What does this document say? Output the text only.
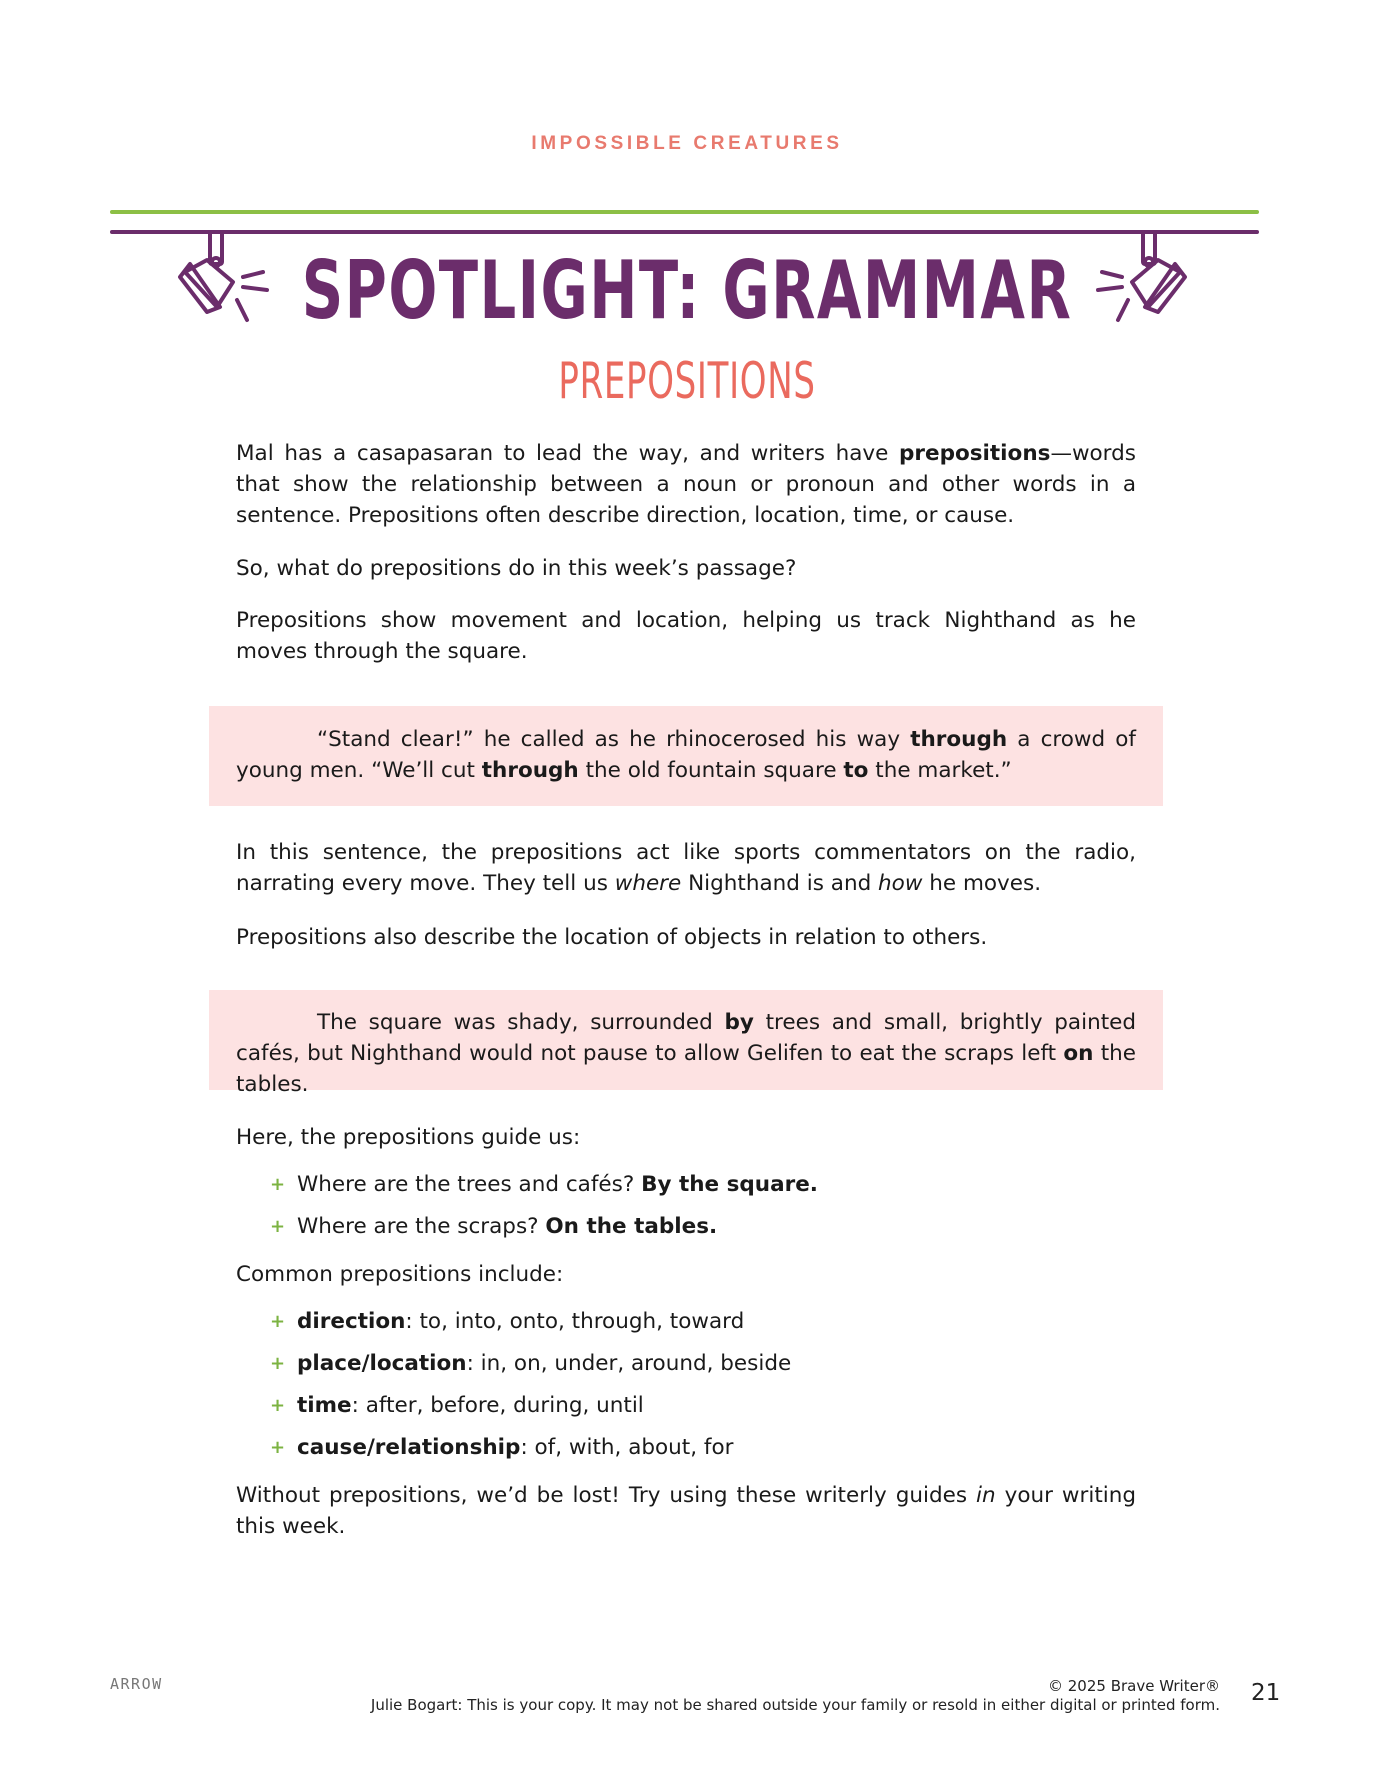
IMPOSSIBLE CREATURES
SPOTLIGHT: GRAMMAR
PREPOSITIONS

Mal has a casapasaran to lead the way, and writers have prepositions—words that show the relationship between a noun or pronoun and other words in a sentence. Prepositions often describe direction, location, time, or cause.

So, what do prepositions do in this week’s passage?

Prepositions show movement and location, helping us track Nighthand as he moves through the square.

“Stand clear!” he called as he rhinocerosed his way through a crowd of young men. “We’ll cut through the old fountain square to the market.”

In this sentence, the prepositions act like sports commentators on the radio, narrating every move. They tell us where Nighthand is and how he moves.

Prepositions also describe the location of objects in relation to others.

The square was shady, surrounded by trees and small, brightly painted cafés, but Nighthand would not pause to allow Gelifen to eat the scraps left on the tables.

Here, the prepositions guide us:

+ Where are the trees and cafés? By the square.
+ Where are the scraps? On the tables.

Common prepositions include:

+ direction: to, into, onto, through, toward
+ place/location: in, on, under, around, beside
+ time: after, before, during, until
+ cause/relationship: of, with, about, for

Without prepositions, we’d be lost! Try using these writerly guides in your writing this week.

ARROW	© 2025 Brave Writer®
Julie Bogart: This is your copy. It may not be shared outside your family or resold in either digital or printed form. 21
